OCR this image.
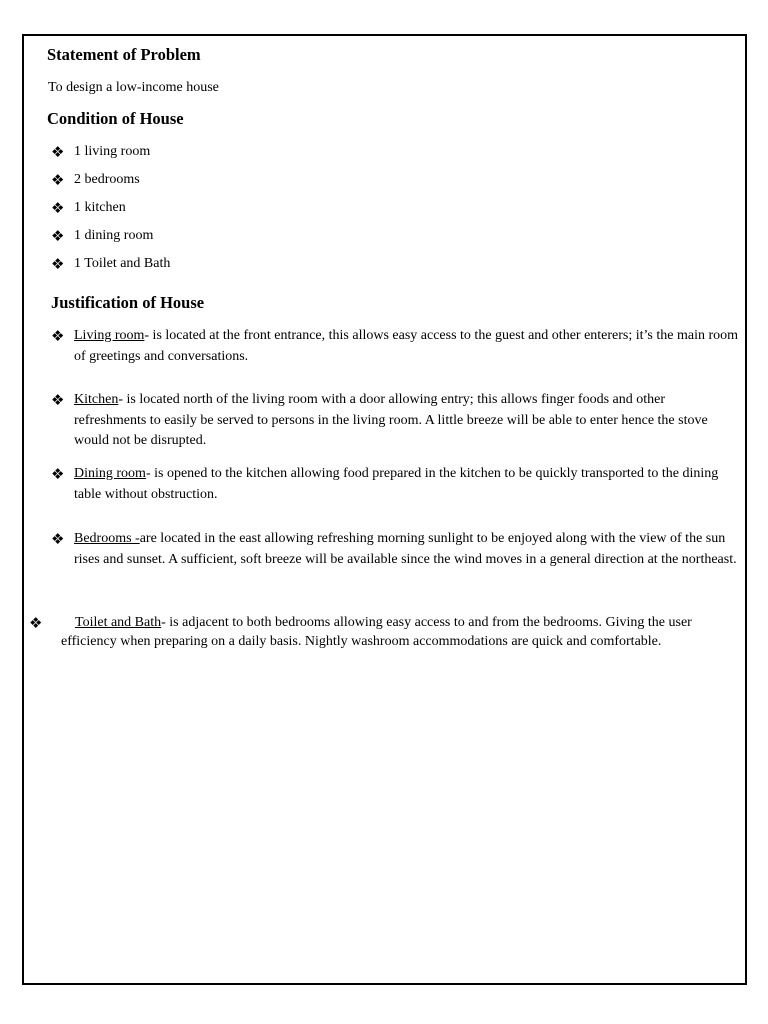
Statement of Problem
To design a low-income house
Condition of House
❖ 1 living room
❖ 2 bedrooms
❖ 1 kitchen
❖ 1 dining room
❖ 1 Toilet and Bath
Justification of House
❖ Living room- is located at the front entrance, this allows easy access to the guest and other enterers; it’s the main room of greetings and conversations.
❖ Kitchen- is located north of the living room with a door allowing entry; this allows finger foods and other refreshments to easily be served to persons in the living room. A little breeze will be able to enter hence the stove would not be disrupted.
❖ Dining room- is opened to the kitchen allowing food prepared in the kitchen to be quickly transported to the dining table without obstruction.
❖ Bedrooms -are located in the east allowing refreshing morning sunlight to be enjoyed along with the view of the sun rises and sunset. A sufficient, soft breeze will be available since the wind moves in a general direction at the northeast.
❖	Toilet and Bath- is adjacent to both bedrooms allowing easy access to and from the bedrooms. Giving the user efficiency when preparing on a daily basis. Nightly washroom accommodations are quick and comfortable.
